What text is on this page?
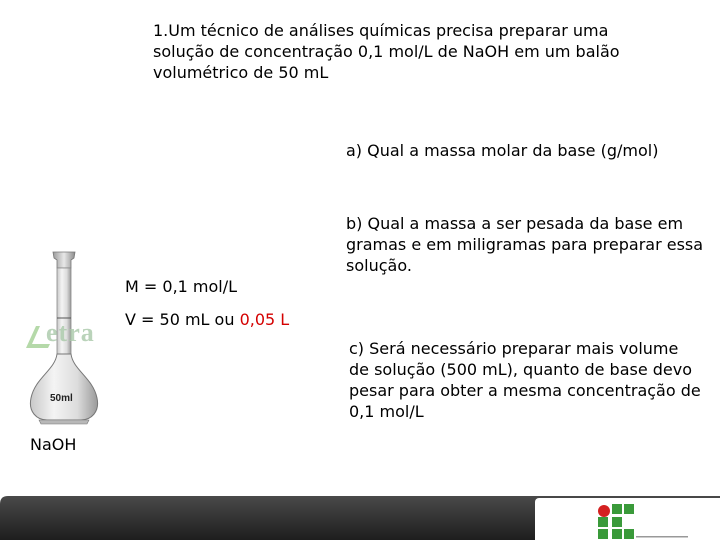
1.Um técnico de análises químicas precisa preparar uma
solução de concentração 0,1 mol/L de NaOH em um balão
volumétrico de 50 mL
a) Qual a massa molar da base (g/mol)
b) Qual a massa a ser pesada da base em
gramas e em miligramas para preparar essa
solução.
M = 0,1 mol/L
V = 50 mL ou 0,05 L
c) Será necessário preparar mais volume
de solução (500 mL), quanto de base devo
pesar para obter a mesma concentração de
0,1 mol/L
50ml
etra
NaOH
